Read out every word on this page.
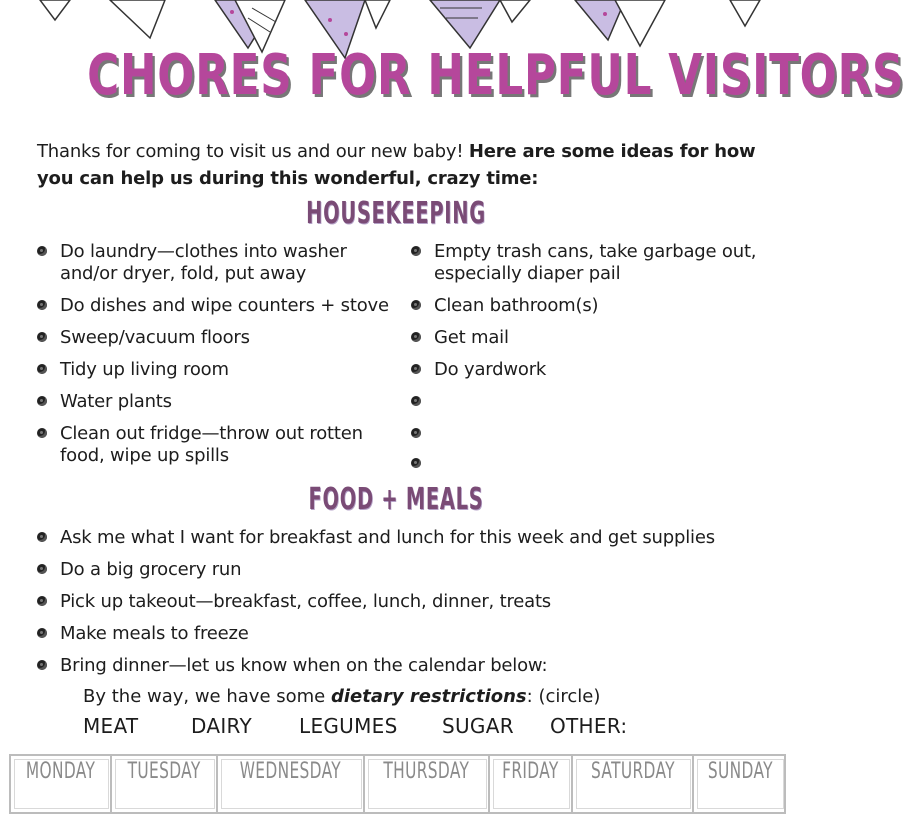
CHORES FOR HELPFUL VISITORS
Thanks for coming to visit us and our new baby! Here are some ideas for how you can help us during this wonderful, crazy time:
HOUSEKEEPING
Do laundry—clothes into washer and/or dryer, fold, put away
Do dishes and wipe counters + stove
Sweep/vacuum floors
Tidy up living room
Water plants
Clean out fridge—throw out rotten food, wipe up spills
Empty trash cans, take garbage out, especially diaper pail
Clean bathroom(s)
Get mail
Do yardwork
FOOD + MEALS
Ask me what I want for breakfast and lunch for this week and get supplies
Do a big grocery run
Pick up takeout—breakfast, coffee, lunch, dinner, treats
Make meals to freeze
Bring dinner—let us know when on the calendar below:
By the way, we have some dietary restrictions: (circle)
MEAT	DAIRY LEGUMES SUGAR OTHER:
MONDAY TUESDAY WEDNESDAY THURSDAY FRIDAY SATURDAY SUNDAY
